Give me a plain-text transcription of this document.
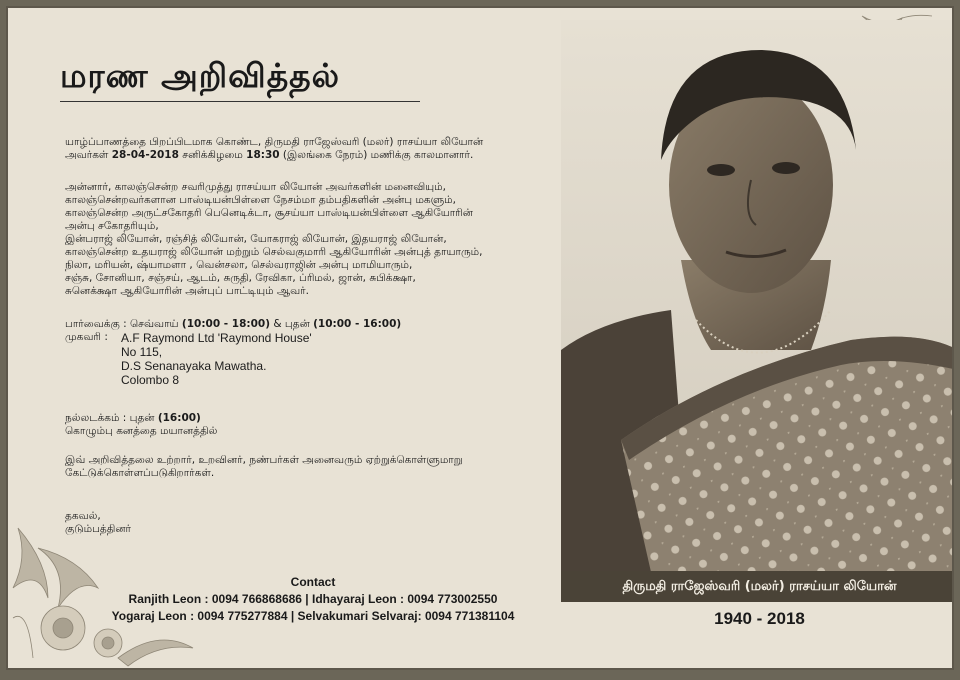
மரண அறிவித்தல்

யாழ்ப்பாணத்தை பிறப்பிடமாக கொண்ட, திருமதி ராஜேஸ்வரி (மலர்) ராசய்யா லியோன்

அவர்கள் 28-04-2018 சனிக்கிழமை 18:30 (இலங்கை நேரம்) மணிக்கு காலமானார்.

அன்னார், காலஞ்சென்ற சவரிமுத்து ராசய்யா லியோன் அவர்களின் மனைவியும்,

காலஞ்சென்றவர்களான பாஸ்டியன்பிள்ளை நேசம்மா தம்பதிகளின் அன்பு மகளும்,

காலஞ்சென்ற அருட்சகோதரி பெனெடிக்டா, சூசய்யா பாஸ்டியன்பிள்ளை ஆகியோரின்

அன்பு சகோதரியும்,

இன்பராஜ் லியோன், ரஞ்சித் லியோன், யோகராஜ் லியோன், இதயராஜ் லியோன்,

காலஞ்சென்ற உதயராஜ் லியோன் மற்றும் செல்வகுமாரி ஆகியோரின் அன்புத் தாயாரும்,

நிலா, மரியன், ஷ்யாமளா , வென்சலா, செல்வராஜின் அன்பு மாமியாரும்,

சஞ்சு, சோனியா, சஞ்சய், ஆடம், சுருதி, ரேவிகா, ப்ரிமல், ஜான், சுபிக்க்ஷா,

சுனெக்க்ஷா ஆகியோரின் அன்புப் பாட்டியும் ஆவர்.

பார்வைக்கு : செவ்வாய் (10:00 - 18:00) & புதன் (10:00 - 16:00)

முகவரி :	A.F Raymond Ltd 'Raymond House'
No 115,
D.S Senanayaka Mawatha.
Colombo 8

நல்லடக்கம் : புதன் (16:00)

கொழும்பு கனத்தை மயானத்தில்

இவ் அறிவித்தலை உற்றார், உறவினர், நண்பர்கள் அனைவரும் ஏற்றுக்கொள்ளுமாறு

கேட்டுக்கொள்ளப்படுகிறார்கள்.

தகவல்,

குடும்பத்தினர்

Contact
Ranjith Leon : 0094 766868686 | Idhayaraj Leon : 0094 773002550
Yogaraj Leon : 0094 775277884 | Selvakumari Selvaraj: 0094 771381104
திருமதி ராஜேஸ்வரி (மலர்) ராசய்யா லியோன்
1940 - 2018
